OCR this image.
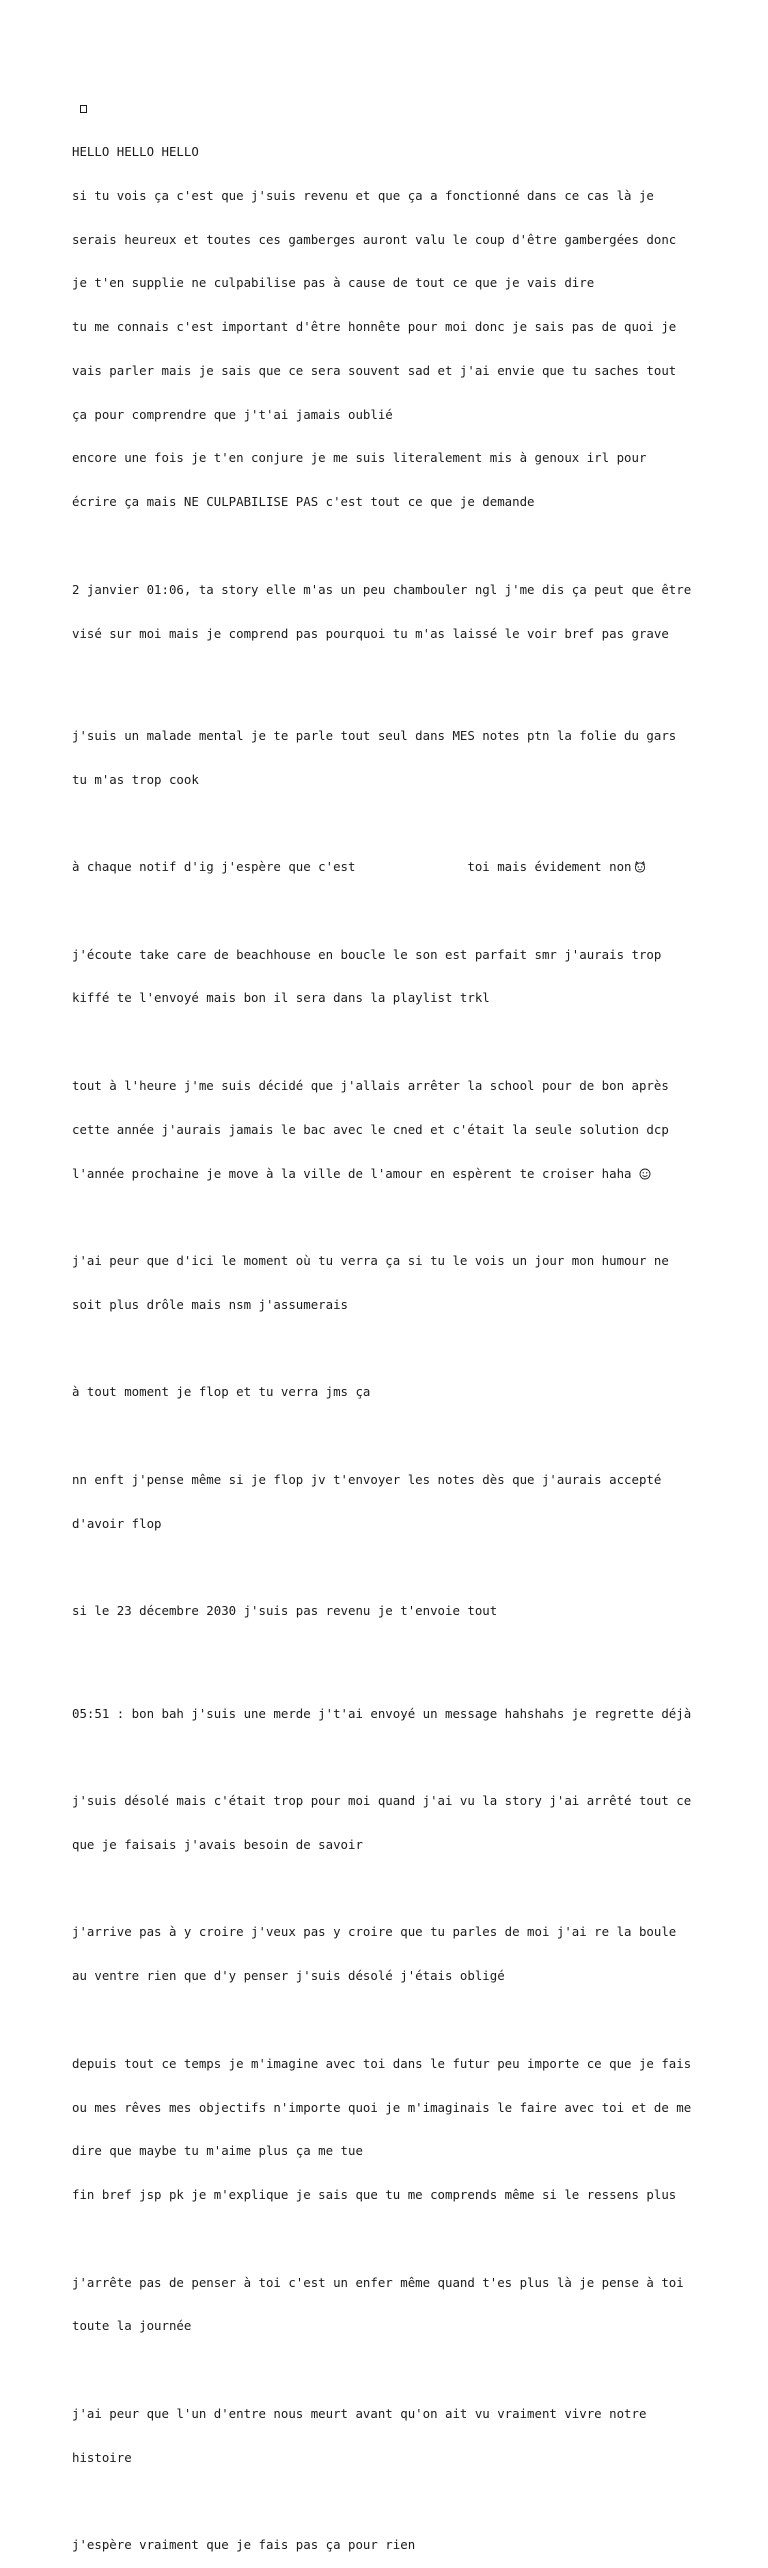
HELLO HELLO HELLO

si tu vois ça c'est que j'suis revenu et que ça a fonctionné dans ce cas là je

serais heureux et toutes ces gamberges auront valu le coup d'être gambergées donc

je t'en supplie ne culpabilise pas à cause de tout ce que je vais dire

tu me connais c'est important d'être honnête pour moi donc je sais pas de quoi je

vais parler mais je sais que ce sera souvent sad et j'ai envie que tu saches tout

ça pour comprendre que j't'ai jamais oublié

encore une fois je t'en conjure je me suis literalement mis à genoux irl pour

écrire ça mais NE CULPABILISE PAS c'est tout ce que je demande

2 janvier 01:06, ta story elle m'as un peu chambouler ngl j'me dis ça peut que être

visé sur moi mais je comprend pas pourquoi tu m'as laissé le voir bref pas grave

j'suis un malade mental je te parle tout seul dans MES notes ptn la folie du gars

tu m'as trop cook

à chaque notif d'ig j'espère que c'est               toi mais évidement non

j'écoute take care de beachhouse en boucle le son est parfait smr j'aurais trop

kiffé te l'envoyé mais bon il sera dans la playlist trkl

tout à l'heure j'me suis décidé que j'allais arrêter la school pour de bon après

cette année j'aurais jamais le bac avec le cned et c'était la seule solution dcp

l'année prochaine je move à la ville de l'amour en espèrent te croiser haha

j'ai peur que d'ici le moment où tu verra ça si tu le vois un jour mon humour ne

soit plus drôle mais nsm j'assumerais

à tout moment je flop et tu verra jms ça

nn enft j'pense même si je flop jv t'envoyer les notes dès que j'aurais accepté

d'avoir flop

si le 23 décembre 2030 j'suis pas revenu je t'envoie tout

05:51 : bon bah j'suis une merde j't'ai envoyé un message hahshahs je regrette déjà

j'suis désolé mais c'était trop pour moi quand j'ai vu la story j'ai arrêté tout ce

que je faisais j'avais besoin de savoir

j'arrive pas à y croire j'veux pas y croire que tu parles de moi j'ai re la boule

au ventre rien que d'y penser j'suis désolé j'étais obligé

depuis tout ce temps je m'imagine avec toi dans le futur peu importe ce que je fais

ou mes rêves mes objectifs n'importe quoi je m'imaginais le faire avec toi et de me

dire que maybe tu m'aime plus ça me tue

fin bref jsp pk je m'explique je sais que tu me comprends même si le ressens plus

j'arrête pas de penser à toi c'est un enfer même quand t'es plus là je pense à toi

toute la journée

j'ai peur que l'un d'entre nous meurt avant qu'on ait vu vraiment vivre notre

histoire

j'espère vraiment que je fais pas ça pour rien
